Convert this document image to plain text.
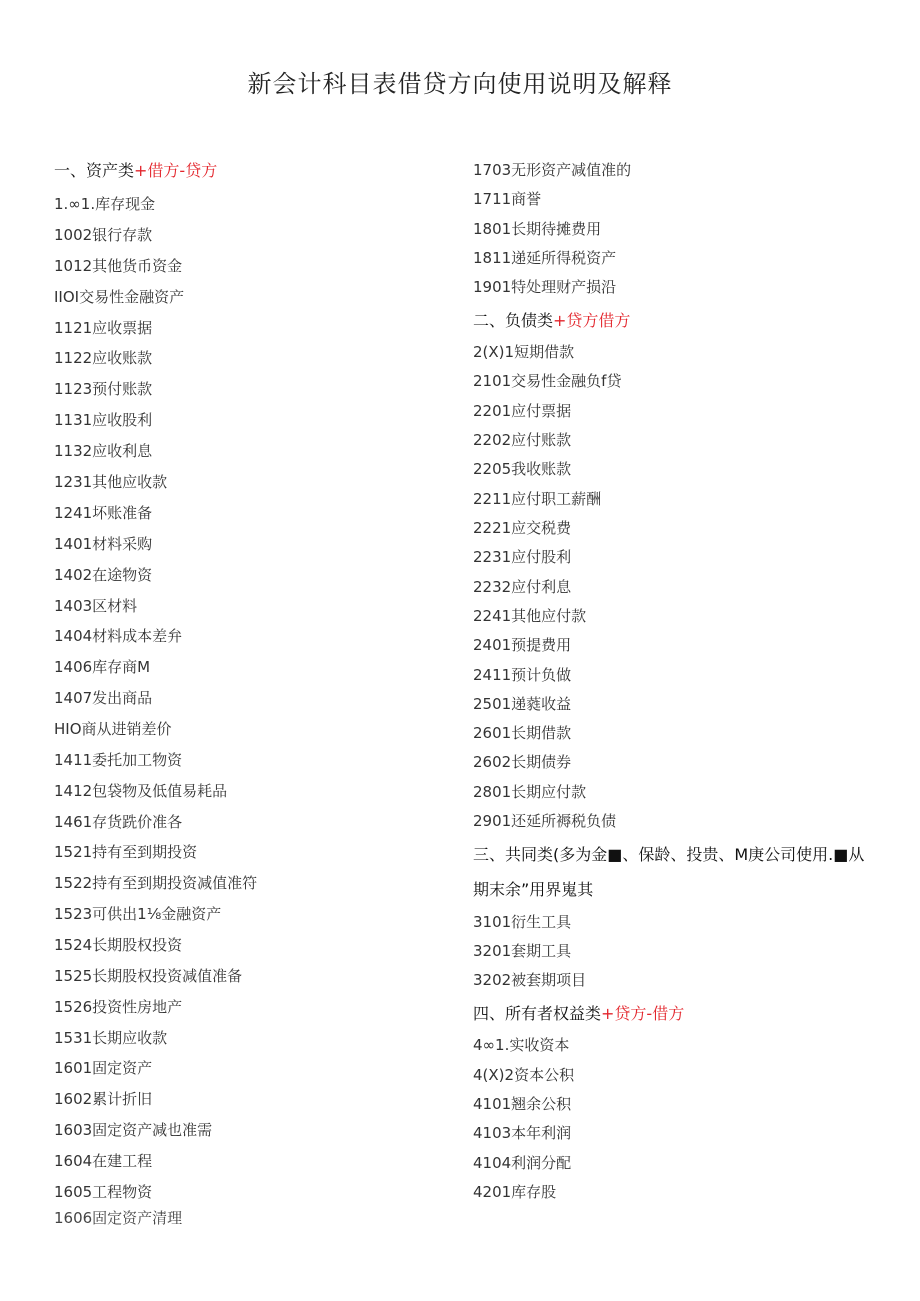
新会计科目表借贷方向使用说明及解释
一、资产类+借方-贷方
1.∞1.库存现金
1002银行存款
1012其他货币资金
IIOI交易性金融资产
1121应收票据
1122应收账款
1123预付账款
1131应收股利
1132应收利息
1231其他应收款
1241坏账准备
1401材料采购
1402在途物资
1403区材料
1404材料成本差弁
1406库存商M
1407发出商品
HIO商从进销差价
1411委托加工物资
1412包袋物及低值易耗品
1461存货跣价准各
1521持有至到期投资
1522持有至到期投资减值准符
1523可供出1⅛金融资产
1524长期股权投资
1525长期股权投资减值准备
1526投资性房地产
1531长期应收款
1601固定资产
1602累计折旧
1603固定资产减也准需
1604在建工程
1605工程物资
1606固定资产清理
1703无形资产减值准的
1711商誉
1801长期待摊费用
1811递延所得税资产
1901特处理财产损沿
二、负债类+贷方借方
2(X)1短期借款
2101交易性金融负f贷
2201应付票据
2202应付账款
2205我收账款
2211应付职工薪酬
2221应交税费
2231应付股利
2232应付利息
2241其他应付款
2401预提费用
2411预计负做
2501递蕤收益
2601长期借款
2602长期债券
2801长期应付款
2901还延所褥税负债
三、共同类(多为金■、保龄、投贵、M庚公司使用.■从
期末余”用界嵬其
3101衍生工具
3201套期工具
3202被套期项目
四、所有者权益类+贷方-借方
4∞1.实收资本
4(X)2资本公积
4101翘余公积
4103本年利润
4104利润分配
4201库存股
